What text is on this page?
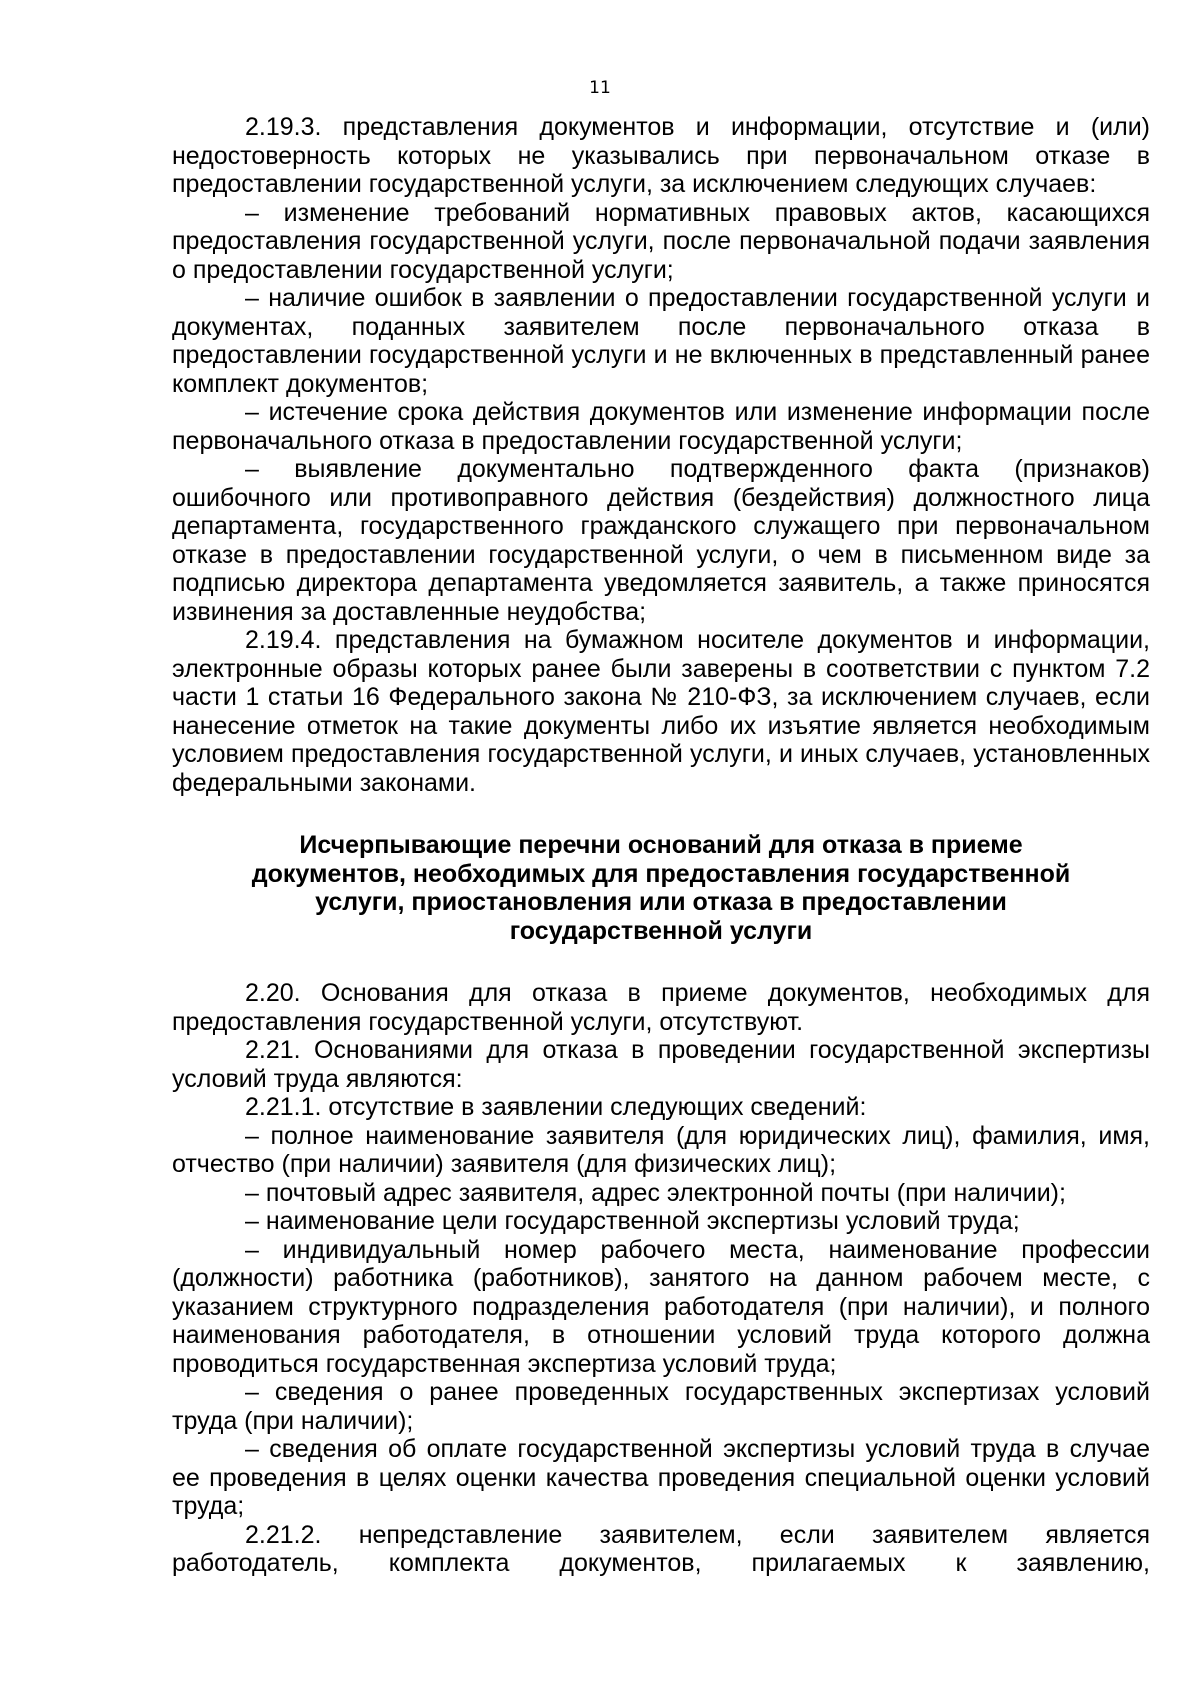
11

2.19.3. представления документов и информации, отсутствие и (или) недостоверность которых не указывались при первоначальном отказе в предоставлении государственной услуги, за исключением следующих случаев:

– изменение требований нормативных правовых актов, касающихся предоставления государственной услуги, после первоначальной подачи заявления о предоставлении государственной услуги;

– наличие ошибок в заявлении о предоставлении государственной услуги и документах, поданных заявителем после первоначального отказа в предоставлении государственной услуги и не включенных в представленный ранее комплект документов;

– истечение срока действия документов или изменение информации после первоначального отказа в предоставлении государственной услуги;

– выявление документально подтвержденного факта (признаков) ошибочного или противоправного действия (бездействия) должностного лица департамента, государственного гражданского служащего при первоначальном отказе в предоставлении государственной услуги, о чем в письменном виде за подписью директора департамента уведомляется заявитель, а также приносятся извинения за доставленные неудобства;

2.19.4. представления на бумажном носителе документов и информации, электронные образы которых ранее были заверены в соответствии с пунктом 7.2 части 1 статьи 16 Федерального закона № 210-ФЗ, за исключением случаев, если нанесение отметок на такие документы либо их изъятие является необходимым условием предоставления государственной услуги, и иных случаев, установленных федеральными законами.

Исчерпывающие перечни оснований для отказа в приеме
документов, необходимых для предоставления государственной
услуги, приостановления или отказа в предоставлении
государственной услуги

2.20. Основания для отказа в приеме документов, необходимых для предоставления государственной услуги, отсутствуют.

2.21. Основаниями для отказа в проведении государственной экспертизы условий труда являются:

2.21.1. отсутствие в заявлении следующих сведений:

– полное наименование заявителя (для юридических лиц), фамилия, имя, отчество (при наличии) заявителя (для физических лиц);

– почтовый адрес заявителя, адрес электронной почты (при наличии);

– наименование цели государственной экспертизы условий труда;

– индивидуальный номер рабочего места, наименование профессии (должности) работника (работников), занятого на данном рабочем месте, с указанием структурного подразделения работодателя (при наличии), и полного наименования работодателя, в отношении условий труда которого должна проводиться государственная экспертиза условий труда;

– сведения о ранее проведенных государственных экспертизах условий труда (при наличии);

– сведения об оплате государственной экспертизы условий труда в случае ее проведения в целях оценки качества проведения специальной оценки условий труда;

2.21.2. непредставление заявителем, если заявителем является работодатель, комплекта документов, прилагаемых к заявлению,
